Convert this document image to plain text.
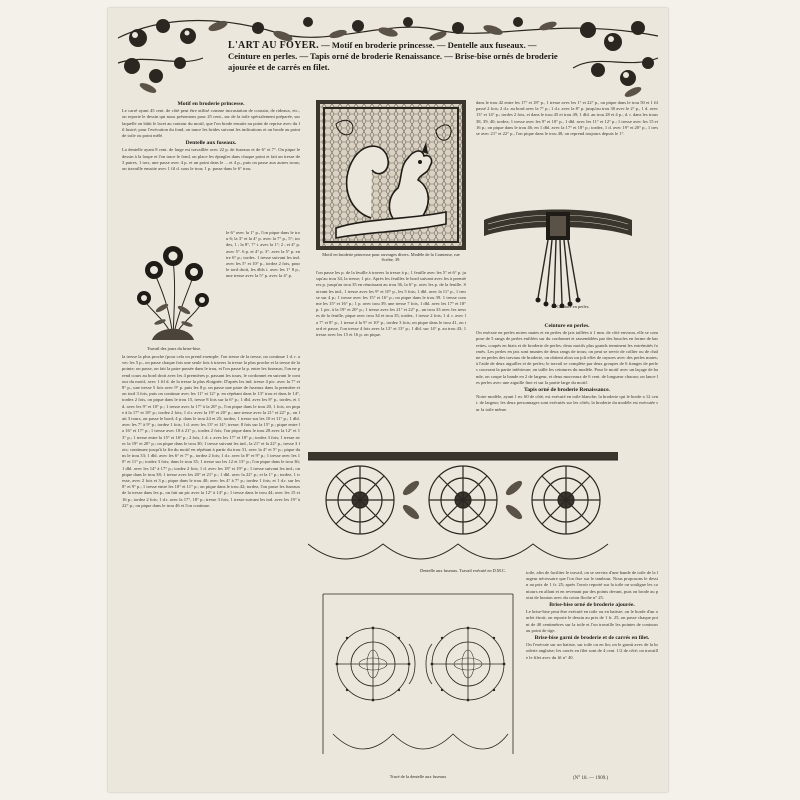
L'ART AU FOYER. — Motif en broderie princesse. — Dentelle aux fuseaux. — Ceinture en perles. — Tapis orné de broderie Renaissance. — Brise-bise ornés de broderie ajourée et de carrés en filet.
Motif en broderie princesse.
Le carré ayant 45 cent. de côté peut être utilisé comme incrustation de coussin, de rideaux, etc., on reporte le dessin qui nous présentons pour 25 cent., sur de la toile spécialement préparée, sur laquelle on bâtit le lacet au contour du motif, que l'on brode ensuite au point de reprise avec du fil lustré; pour l'exécution du fond, on tance les brides suivant les indications et on brode au point de toile ou point mêlé.
Dentelle aux fuseaux.
La dentelle ayant 8 cent. de large est travaillée avec 22 p. de fuseaux et de 6° et 7°. On pique le dessin à la loupe et l'on trace le fond, on place les épingles dans chaque point et fait un tresse de 3 paires, 1 tors, une passe avec 4 p. et un point dans le ... et 4 p., puis on passe aux autres trous; on travaille ensuite avec 1 fil d. sous le trou; 1 p. passe dans le 6° trou.
Travail des jours du brise-bise.
le 6° avec la 1° p., l'on pique dans le trou 6; la 3° et la 4° p. avec la 7° p., 5°; tordes, 1 ; la 8°, 7° t. avec la 1°; 2 ; et 4° p. avec 5°. 6 p. et 4° p. 3°. avec la 5° p. entre 6° p.; tordes. 1 tresse suivant les ind. avec les 5° et 10° p., tordez 2 fois, pour le tord droit, les dbls t. avec les 1° 8 p., une tresse avec la 5° p. avec la 4° p.
la tresse la plus proche (pour cela on prend exemple: l'on tresse de la tresse, on continue 1 d. r. avec les 5 p., on passe chaque fois une seule fois à travers la tresse la plus proche et la tresse de la pointe; on passe, on fait la paire passée dans le trou, et l'on passe la p. entre les fuseaux; l'on ne prend cours au bord droit avec les 4 premières p. passant les tours, le cordonnet en suivant le contour du motif, avec 1 fil d. de la tresse la plus éloignée. D'après les ind. tresse 4 pic. avec la 7° et 8° p., une tresse 5 fois avec 9° p. puis les 8 p. on passe une paire de fuseaux dans la première et on tord 3 fois, puis on continue avec les 11° et 12° p. en répétant dans le 13° trou et dans le 14°, tordez 2 fois, on pique dans le trou 15, tresse 8 fois sur la 6° p.; 1 dbl. avec les 8° p., tordes, et 1 d. avec les 9° et 10° p.; 1 tresse avec la 17° à la 20° p., l'on pique dans le trou 20, 1 fois, on pique à la 17° et 18° p.; tordez 2 fois; 1 d.r. avec la 19° et 20° p.; une tresse avec la 21° et 22° p., on fait 3 tours, on passe le bord; 4 p. dans le trou 24 et 25; tordez, 1 tresse sur les 10 et 11° p.; 1 dbl. avec les 7° à 9° p.; tordez 1 fois; 1 d. avec les 13° et 14°; tresse; 8 fois sur la 15° p.; pique entre la 16° et 17° p.; 1 tresse avec 18 à 21° p., tordez 2 fois; l'on pique dans le trou 28 avec la 12° et 13° p.; 1 tresse entre la 15° et 16° p.; 2 fois, 1 d. r. avec les 17° et 18° p.; tordez 3 fois; 1 tresse avec la 19° et 20° p.; on pique dans le trou 30; 1 tresse suivant les ind., la 21° et la 22° p., tresse 3 fois; continuez jusqu'à la fin du motif en répétant à partir du trou 31, avec la 4° et 5° p.; pique dans le trou 33; 1 dbl. avec les 6° et 7° p., tordez 2 fois; 1 d.r. avec la 8° et 9° p.; 1 tresse avec les 10° et 11° p.; tordez 3 fois; dans le trou 35; 1 tresse sur les 12 et 13° p.; l'on pique dans le trou 36; 1 dbl. avec les 14° à 17° p.; tordez 2 fois; 1 d. avec les 18° et 19° p.; 1 tresse suivant les ind.; on pique dans le trou 38; 1 tresse avec les 20° et 21° p.; 1 dbl. avec la 22° p.; et la 1° p.; tordez, 1 tresse, avec 2 fois et 3 p.; pique dans le trou 40; avec les 4° à 7° p.; tordez 1 fois; et 1 d.r. sur les 8° et 9° p.; 1 tresse entre les 10° et 11° p.; on pique dans le trou 42; tordez, l'on passe les fuseaux de la tresse dans les p., on fait un pic avec la 12° à 14° p.; 1 tresse dans le trou 44; avec les 15 et 16 p.; tordez 2 fois; 1 d.r. avec la 17°, 18° p.; tresse 3 fois; 1 tresse suivant les ind. avec les 19° à 22° p.; on pique dans le trou 46 et l'on continue.
Motif en broderie princesse pour ouvrages divers. Modèle de la Comtesse, rue Scribe, 39.
l'on passe les p. de la feuille à travers la tresse à p.; 1 feuille avec les 5° et 6° p. jusqu'au trou 34, la tresse; 1 pic. Après les feuilles le bord suivant avec les à premières p. jusqu'au trou 35 en réunissant au trou 36, la 6° p. avec les p. de la feuille. Suivant les ind., 1 tresse avec les 9° et 10° p., les 5 fois; 1 dbl. avec la 11° p., 1 tresse sur 4 p.; 1 tresse avec les 15° et 16° p.; on pique dans le trou 39. 1 tresse comme les 15° et 16° p.; 1 p. avec trou 39, une tresse 7 fois, 1 dbl. avec les 17° et 18° p. 1 pic. à la 19° et 20° p.; 1 tresse avec les 21° et 22° p., un trou 33 avec les tresses de la feuille, pique avec trou 34 et trou 35, tordez, 1 tresse 2 fois; 1 d. r. avec la 7° et 8° p., 1 tresse à la 9° et 10° p., tordez 3 fois; on pique dans le trou 41, on tord et passe, l'on tresse 4 fois avec la 12° et 13° p.; 1 dbl. sur 14° p. au trou 43; 1 tresse avec les 15 et 16 p. on pique.
Dentelle aux fuseaux. Travail exécuté en D.M.C.
Tracé de la dentelle aux fuseaux
dans le trou 42 entre les 17° et 18° p., 1 tresse avec les 1° et 22° p., on pique dans le trou 50 et 1 fil passé 2 fois; 2 d.r. au bord avec la 7° p.; 1 d.r. avec la 8° p. jusqu'au trou 30 avec le 2° p., 1 d. avec 13° et 14° p.; tordes 2 fois, et dans le trou 45 et trou 49; 1 dbl. au trou 28 et 4 p.; d. r. dans les trous 38, 39, 40; tordez; 1 tresse avec les 9° et 10° p., 1 dbl. avec les 11° et 12° p.; 1 tresse avec les 15 et 16 p.; on pique dans le trou 46; en 1 dbl. avec la 17° et 18° p.; tordez, 1 d. avec 19° et 20° p., 1 tresse avec 21° et 22° p., l'on pique dans le trou 48, on reprend toujours depuis le 1°.
Ceinture en perles.
Ceinture en perles.
On exécute en perles noires mates et en perles de jais taillées à 1 mm. de côté environ, elle se compose de 5 rangs de perles enfilées sur du cordonnet et rassemblées par des boucles en forme de barrettes, coupés en biais et de broderie de perles; deux motifs plus grands terminent les extrémités formés. Les perles en jais sont munies de deux rangs de trous; on peut se servir de collier ou de chaîne en perles des travaux de broderie, on obtient alors un joli effet de rayures avec des perles mates; à l'aide de deux aiguilles et de perles; le travail se complète par deux groupes de 6 franges de perles couvrant la partie inférieure; on taille les ceintures du modèle. Pour le motif avec un laçage de bande, on coupe la bande en 2 de largeur, et deux morceaux de 6 cent. de longueur chacun; on lance les perles avec une aiguille fine et sur la partie large du motif.
Tapis orné de broderie Renaissance.
Notre modèle, ayant 1 m. 60 de côté, est exécuté en toile blanche; la broderie qui le borde a 12 cent. de largeur; les deux personnages sont exécutés sur les côtés; la broderie du modèle est exécutée sur la toile même.
toile, afin de faciliter le travail, on se servira d'une bande de toile de la largeur nécessaire que l'on fixe sur le tambour. Nous proposons le dessin au prix de 1 fr. 25; après l'avoir reporté sur la toile on souligne les contours en allant et en revenant par des points devant, puis on brode au point de bouton avec du coton floche n° 25.
Brise-bise orné de broderie ajourée.
Le brise-bise peut être exécuté en toile ou en batiste; on le borde d'un ourlet étroit; on reporte le dessin au prix de 1 fr. 25, on passe chaque point de 40 centimètres sur la toile et l'on travaille les pointes de contours au point de tige.
Brise-bise garni de broderie et de carrés en filet.
On l'exécute sur un batiste, sur toile ou en lin; on le garnit avec de la broderie anglaise; les carrés en filet sont de 4 cent. 1/2 de côté; on travaille le filet avec du fil n° 40.
(N° 18. — 1909.)
